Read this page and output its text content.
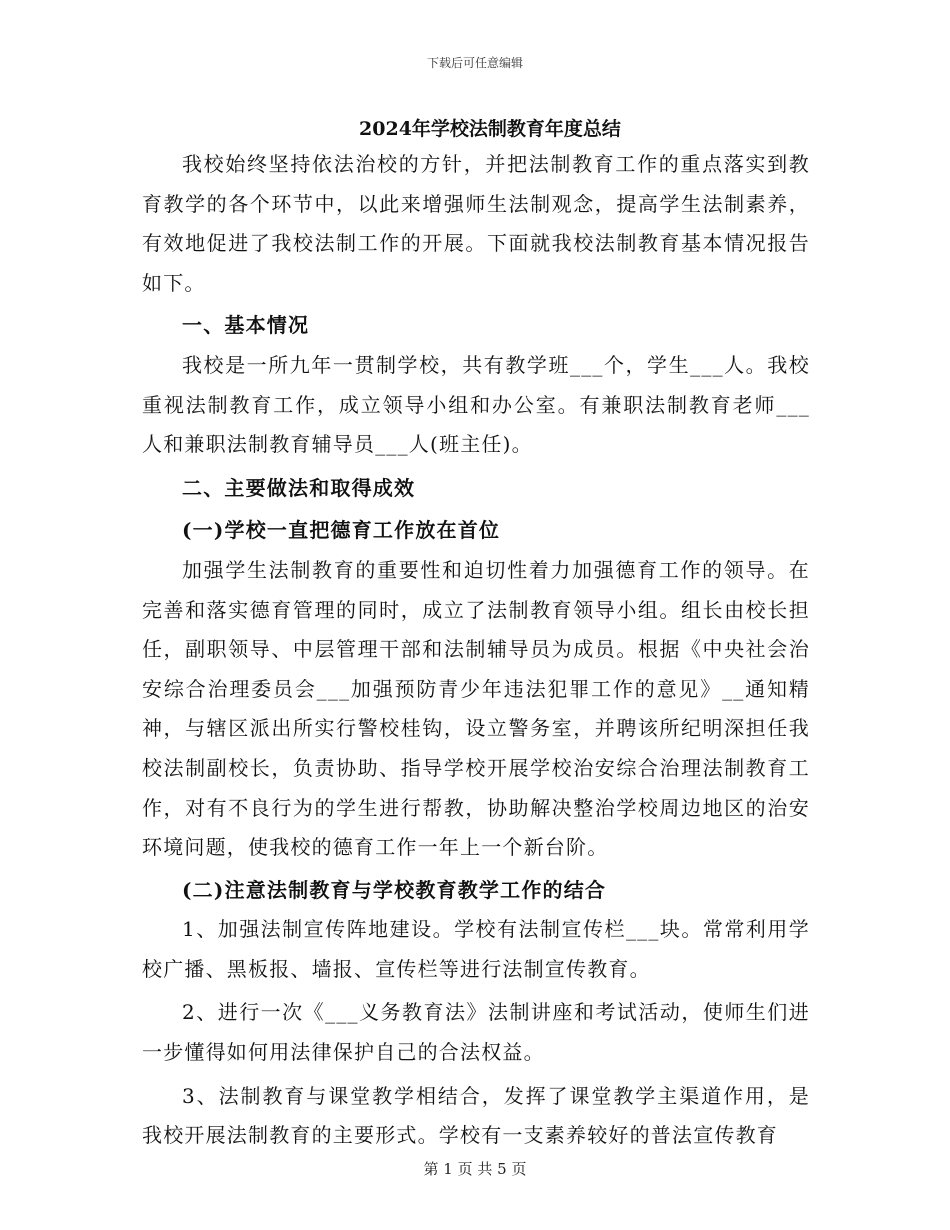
下载后可任意编辑
2024年学校法制教育年度总结

我校始终坚持依法治校的方针，并把法制教育工作的重点落实到教育教学的各个环节中，以此来增强师生法制观念，提高学生法制素养，有效地促进了我校法制工作的开展。下面就我校法制教育基本情况报告如下。

一、基本情况

我校是一所九年一贯制学校，共有教学班___个，学生___人。我校重视法制教育工作，成立领导小组和办公室。有兼职法制教育老师___人和兼职法制教育辅导员___人(班主任)。

二、主要做法和取得成效

(一)学校一直把德育工作放在首位

加强学生法制教育的重要性和迫切性着力加强德育工作的领导。在完善和落实德育管理的同时，成立了法制教育领导小组。组长由校长担任，副职领导、中层管理干部和法制辅导员为成员。根据《中央社会治安综合治理委员会___加强预防青少年违法犯罪工作的意见》__通知精神，与辖区派出所实行警校桂钩，设立警务室，并聘该所纪明深担任我校法制副校长，负责协助、指导学校开展学校治安综合治理法制教育工作，对有不良行为的学生进行帮教，协助解决整治学校周边地区的治安环境问题，使我校的德育工作一年上一个新台阶。

(二)注意法制教育与学校教育教学工作的结合

1、加强法制宣传阵地建设。学校有法制宣传栏___块。常常利用学校广播、黑板报、墙报、宣传栏等进行法制宣传教育。

2、进行一次《___义务教育法》法制讲座和考试活动，使师生们进一步懂得如何用法律保护自己的合法权益。

3、法制教育与课堂教学相结合，发挥了课堂教学主渠道作用，是我校开展法制教育的主要形式。学校有一支素养较好的普法宣传教育

第 1 页 共 5 页
